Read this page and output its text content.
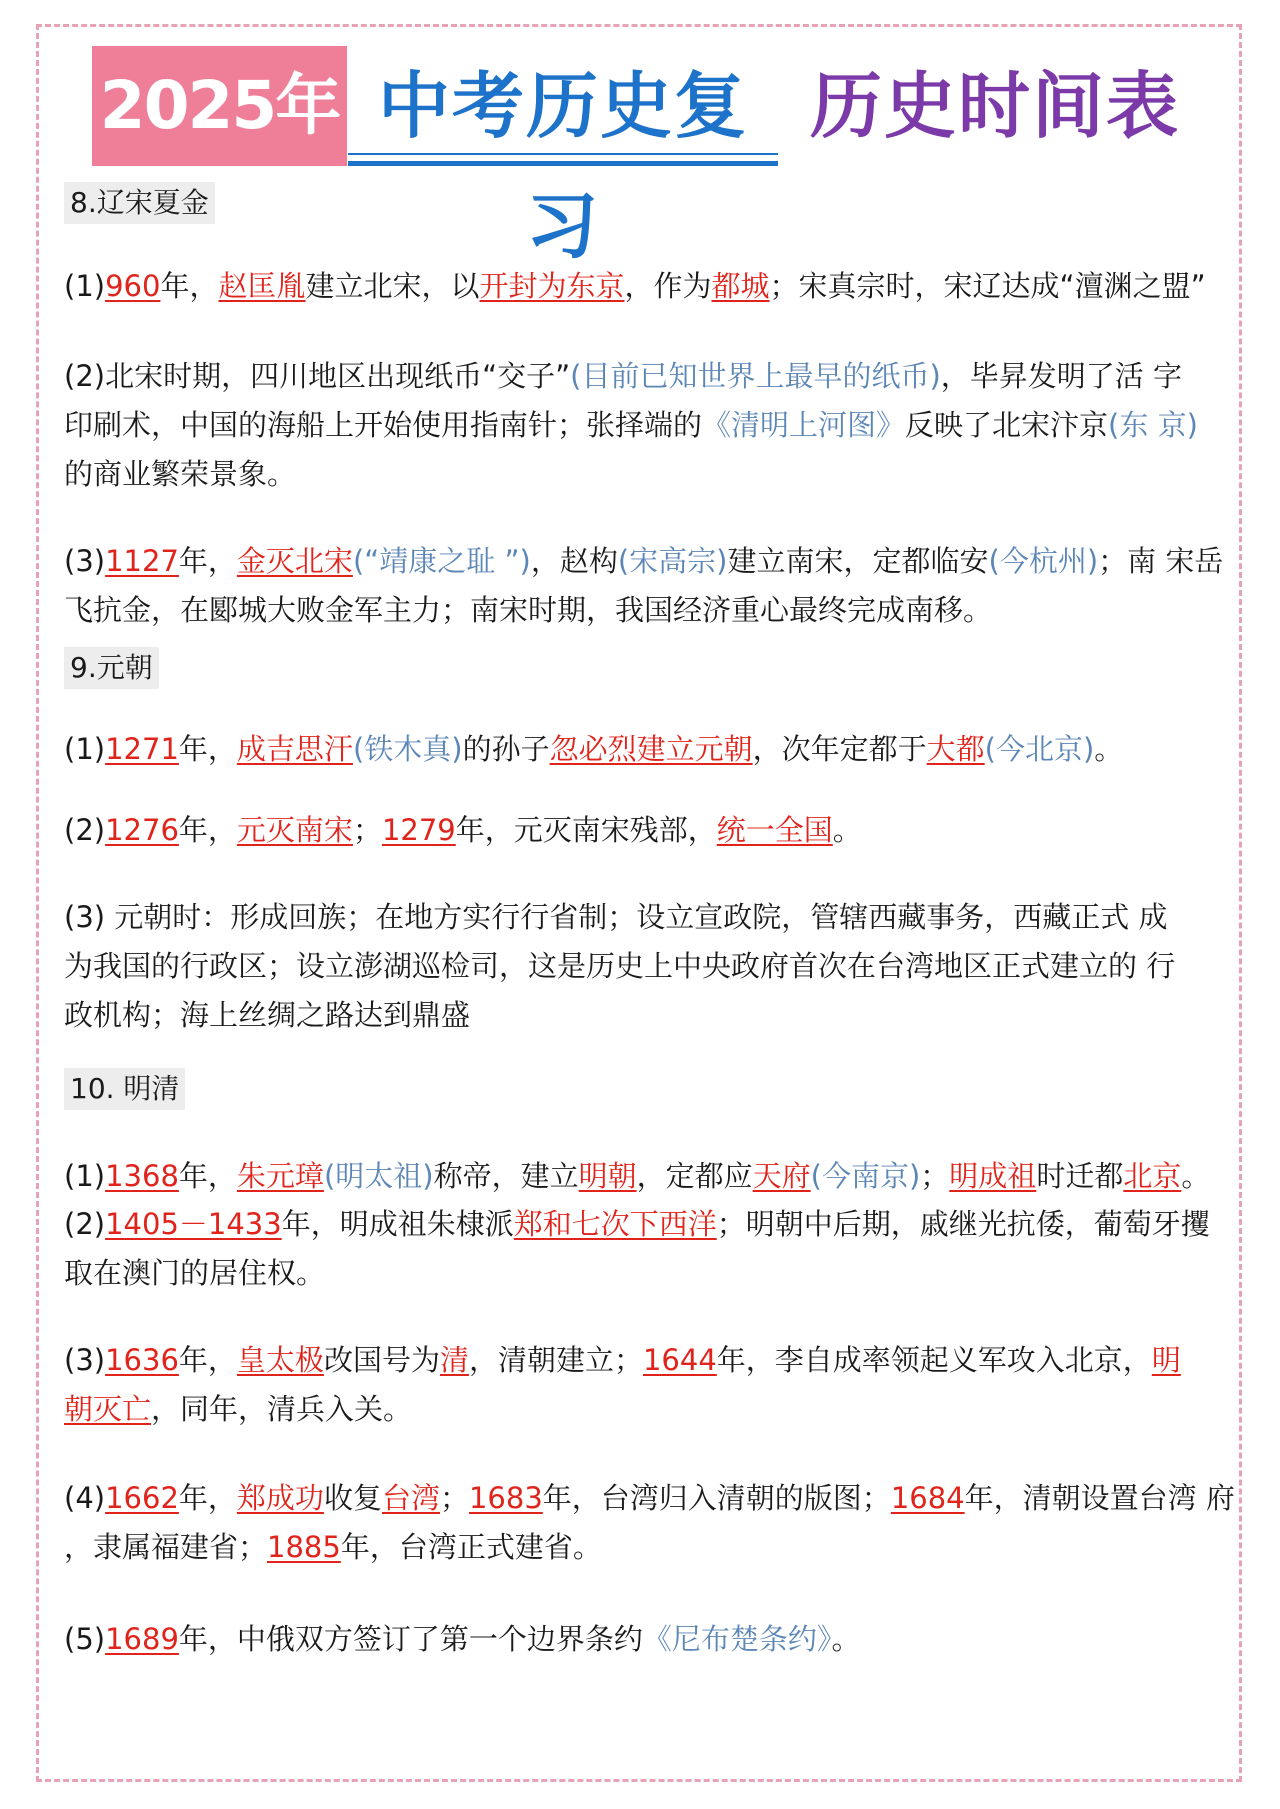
2025年 中考历史复习
历史时间表
8.辽宋夏金
(1)960年，赵匡胤建立北宋，以开封为东京，作为都城；宋真宗时，宋辽达成“澶渊之盟”
(2)北宋时期，四川地区出现纸币“交子”(目前已知世界上最早的纸币)，毕昇发明了活 字
印刷术，中国的海船上开始使用指南针；张择端的《清明上河图》反映了北宋汴京(东 京)
的商业繁荣景象。
(3)1127年，金灭北宋(“靖康之耻 ”)，赵构(宋高宗)建立南宋，定都临安(今杭州)；南 宋岳
飞抗金，在郾城大败金军主力；南宋时期，我国经济重心最终完成南移。
9.元朝
(1)1271年，成吉思汗(铁木真)的孙子忽必烈建立元朝，次年定都于大都(今北京)。
(2)1276年，元灭南宋；1279年，元灭南宋残部，统一全国。
(3) 元朝时：形成回族；在地方实行行省制；设立宣政院，管辖西藏事务，西藏正式 成
为我国的行政区；设立澎湖巡检司，这是历史上中央政府首次在台湾地区正式建立的 行
政机构；海上丝绸之路达到鼎盛
10. 明清
(1)1368年，朱元璋(明太祖)称帝，建立明朝，定都应天府(今南京)；明成祖时迁都北京。
(2)1405－1433年，明成祖朱棣派郑和七次下西洋；明朝中后期，戚继光抗倭，葡萄牙攫
取在澳门的居住权。
(3)1636年，皇太极改国号为清，清朝建立；1644年，李自成率领起义军攻入北京，明
朝灭亡，同年，清兵入关。
(4)1662年，郑成功收复台湾；1683年，台湾归入清朝的版图；1684年，清朝设置台湾 府
，隶属福建省；1885年，台湾正式建省。
(5)1689年，中俄双方签订了第一个边界条约《尼布楚条约》。
